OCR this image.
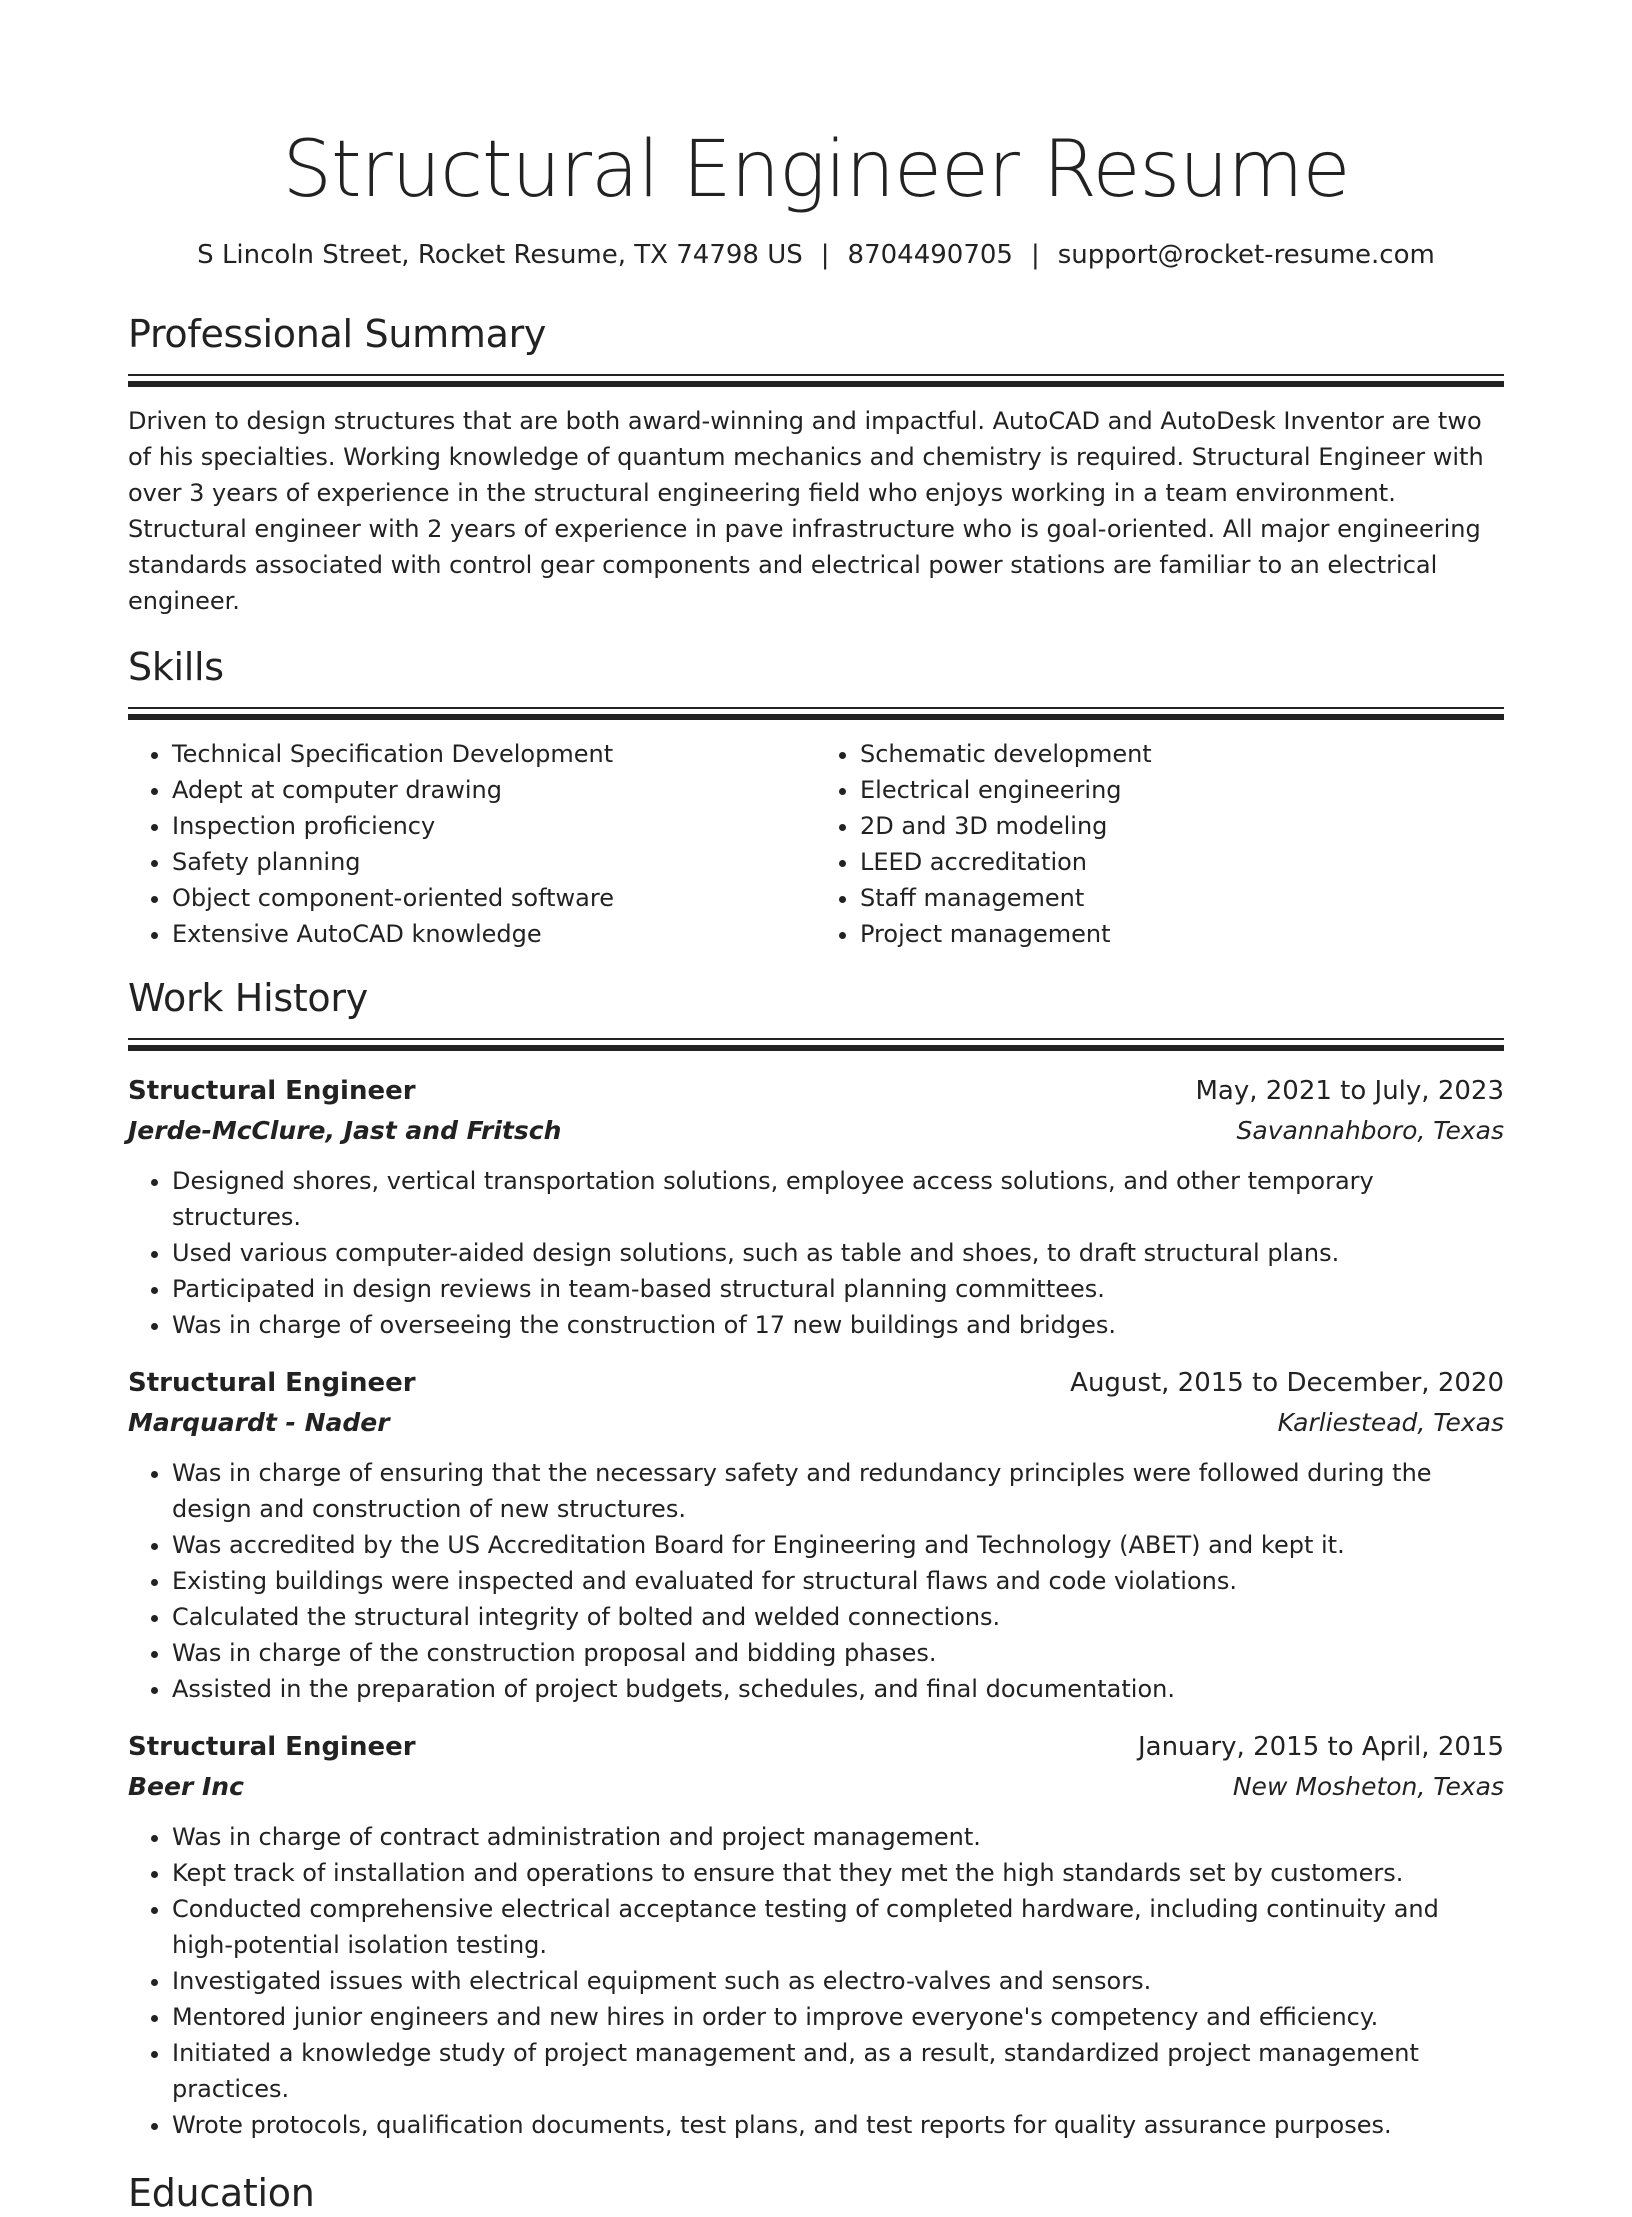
Structural Engineer Resume
S Lincoln Street, Rocket Resume, TX 74798 US | 8704490705 | support@rocket-resume.com
Professional Summary

Driven to design structures that are both award-winning and impactful. AutoCAD and AutoDesk Inventor are two of his specialties. Working knowledge of quantum mechanics and chemistry is required. Structural Engineer with over 3 years of experience in the structural engineering field who enjoys working in a team environment. Structural engineer with 2 years of experience in pave infrastructure who is goal-oriented. All major engineering standards associated with control gear components and electrical power stations are familiar to an electrical engineer.

Skills
• Technical Specification Development
• Adept at computer drawing
• Inspection proficiency
• Safety planning
• Object component-oriented software
• Extensive AutoCAD knowledge
• Schematic development
• Electrical engineering
• 2D and 3D modeling
• LEED accreditation
• Staff management
• Project management
Work History
Structural Engineer	May, 2021 to July, 2023
Jerde-McClure, Jast and Fritsch	Savannahboro, Texas
• Designed shores, vertical transportation solutions, employee access solutions, and other temporary structures.
• Used various computer-aided design solutions, such as table and shoes, to draft structural plans.
• Participated in design reviews in team-based structural planning committees.
• Was in charge of overseeing the construction of 17 new buildings and bridges.
Structural Engineer	August, 2015 to December, 2020
Marquardt - Nader	Karliestead, Texas
• Was in charge of ensuring that the necessary safety and redundancy principles were followed during the design and construction of new structures.
• Was accredited by the US Accreditation Board for Engineering and Technology (ABET) and kept it.
• Existing buildings were inspected and evaluated for structural flaws and code violations.
• Calculated the structural integrity of bolted and welded connections.
• Was in charge of the construction proposal and bidding phases.
• Assisted in the preparation of project budgets, schedules, and final documentation.
Structural Engineer	January, 2015 to April, 2015
Beer Inc	New Mosheton, Texas
• Was in charge of contract administration and project management.
• Kept track of installation and operations to ensure that they met the high standards set by customers.
• Conducted comprehensive electrical acceptance testing of completed hardware, including continuity and high-potential isolation testing.
• Investigated issues with electrical equipment such as electro-valves and sensors.
• Mentored junior engineers and new hires in order to improve everyone's competency and efficiency.
• Initiated a knowledge study of project management and, as a result, standardized project management practices.
• Wrote protocols, qualification documents, test plans, and test reports for quality assurance purposes.
Education
